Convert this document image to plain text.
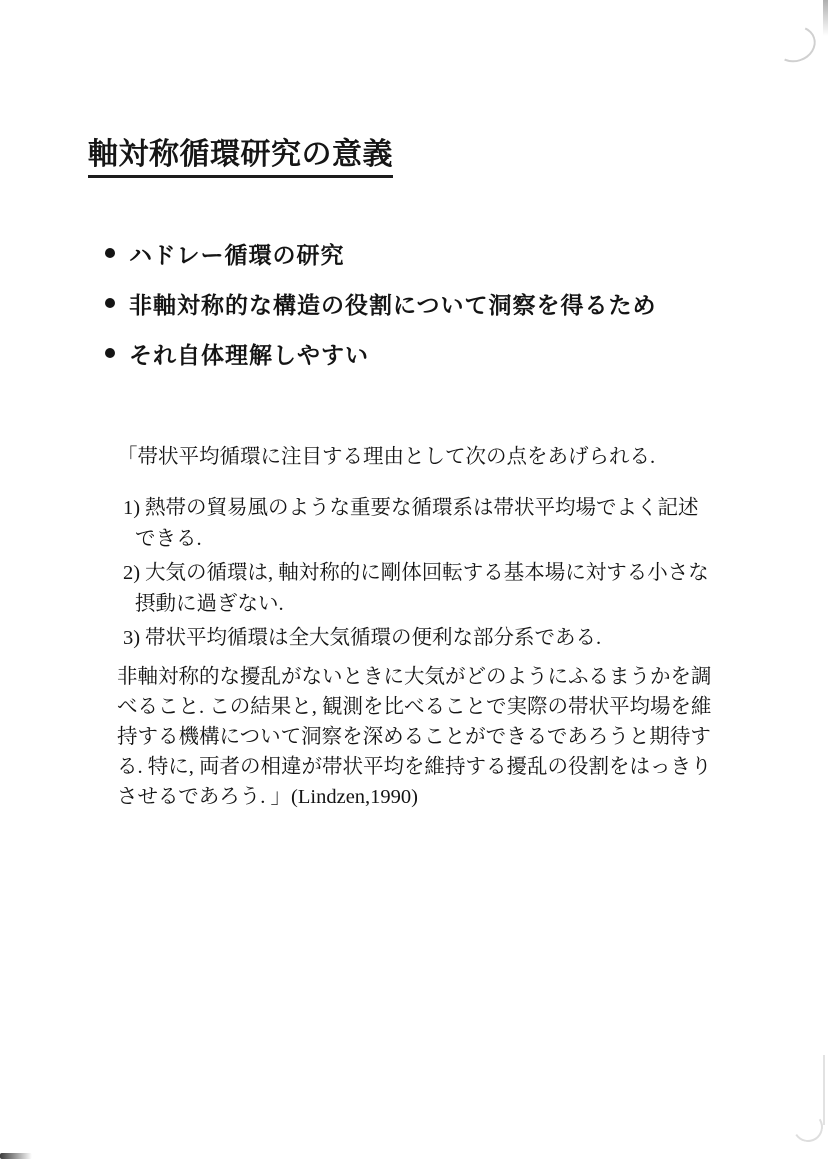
軸対称循環研究の意義
ハドレー循環の研究
非軸対称的な構造の役割について洞察を得るため
それ自体理解しやすい
「帯状平均循環に注目する理由として次の点をあげられる.
1) 熱帯の貿易風のような重要な循環系は帯状平均場でよく記述
できる.
2) 大気の循環は, 軸対称的に剛体回転する基本場に対する小さな
摂動に過ぎない.
3) 帯状平均循環は全大気循環の便利な部分系である.
非軸対称的な擾乱がないときに大気がどのようにふるまうかを調
べること. この結果と, 観測を比べることで実際の帯状平均場を維
持する機構について洞察を深めることができるであろうと期待す
る. 特に, 両者の相違が帯状平均を維持する擾乱の役割をはっきり
させるであろう. 」(Lindzen,1990)
